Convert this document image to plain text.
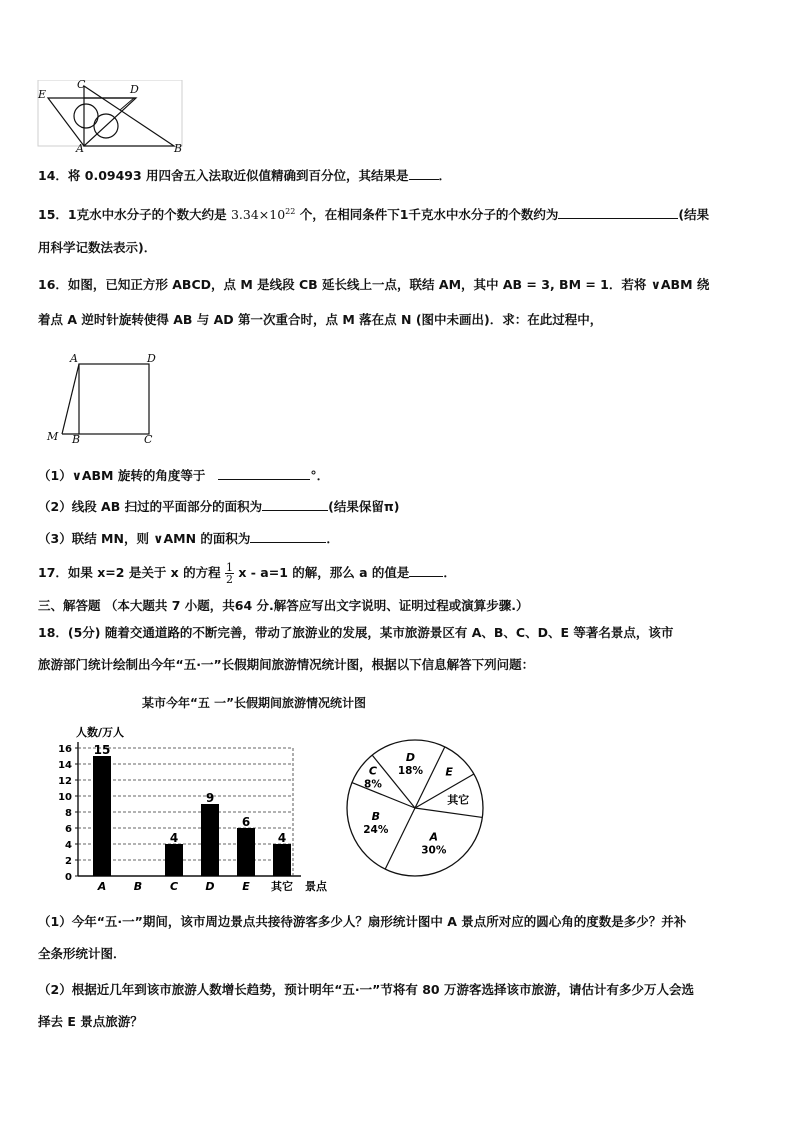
E
C	D
A	B
14．将 0.09493 用四舍五入法取近似值精确到百分位，其结果是 ．
15．1克水中水分子的个数大约是 $3.34\times 10^{22}$ 个，在相同条件下1千克水中水分子的个数约为	(结果
用科学记数法表示)．
16．如图，已知正方形 ABCD，点 M 是线段 CB 延长线上一点，联结 AM，其中 AB = 3, BM = 1．若将 ∨ABM 绕
着点 A 逆时针旋转使得 AB 与 AD 第一次重合时，点 M 落在点 N (图中未画出)．求：在此过程中，
A	D
M B	C
（1）∨ABM 旋转的角度等于	°．
（2）线段 AB 扫过的平面部分的面积为	(结果保留π)
（3）联结 MN，则 ∨AMN 的面积为	．
17．如果 x=2 是关于 x 的方程 $\frac{1}{2}$ x - a=1 的解，那么 a 的值是	．
三、解答题 （本大题共 7 小题，共64 分.解答应写出文字说明、证明过程或演算步骤.）
18．(5分) 随着交通道路的不断完善，带动了旅游业的发展，某市旅游景区有 A、B、C、D、E 等著名景点，该市
旅游部门统计绘制出今年“五·一”长假期间旅游情况统计图，根据以下信息解答下列问题：
某市今年“五 一”长假期间旅游情况统计图
人数/万人
0
2
4
6
8
10
12
14
16
A
15
B	C
4
D
9
E
6
其它
4
景点
A
30%
B
24%
C
8%
D
18% E
其它
（1）今年“五·一”期间，该市周边景点共接待游客多少人？扇形统计图中 A 景点所对应的圆心角的度数是多少？并补
全条形统计图．
（2）根据近几年到该市旅游人数增长趋势，预计明年“五·一”节将有 80 万游客选择该市旅游，请估计有多少万人会选
择去 E 景点旅游？
